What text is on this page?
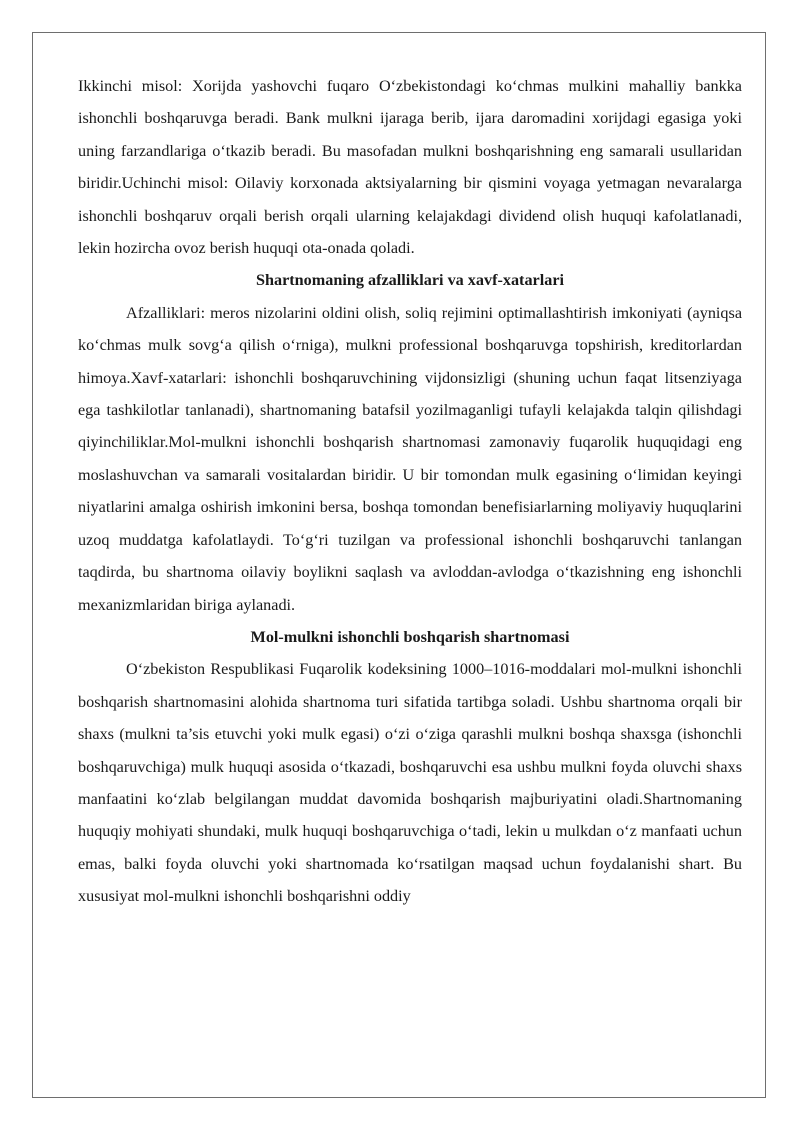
Ikkinchi misol: Xorijda yashovchi fuqaro O‘zbekistondagi ko‘chmas mulkini mahalliy bankka ishonchli boshqaruvga beradi. Bank mulkni ijaraga berib, ijara daromadini xorijdagi egasiga yoki uning farzandlariga o‘tkazib beradi. Bu masofadan mulkni boshqarishning eng samarali usullaridan biridir.Uchinchi misol: Oilaviy korxonada aktsiyalarning bir qismini voyaga yetmagan nevaralarga ishonchli boshqaruv orqali berish orqali ularning kelajakdagi dividend olish huquqi kafolatlanadi, lekin hozircha ovoz berish huquqi ota-onada qoladi.

Shartnomaning afzalliklari va xavf-xatarlari

Afzalliklari: meros nizolarini oldini olish, soliq rejimini optimallashtirish imkoniyati (ayniqsa ko‘chmas mulk sovg‘a qilish o‘rniga), mulkni professional boshqaruvga topshirish, kreditorlardan himoya.Xavf-xatarlari: ishonchli boshqaruvchining vijdonsizligi (shuning uchun faqat litsenziyaga ega tashkilotlar tanlanadi), shartnomaning batafsil yozilmaganligi tufayli kelajakda talqin qilishdagi qiyinchiliklar.Mol-mulkni ishonchli boshqarish shartnomasi zamonaviy fuqarolik huquqidagi eng moslashuvchan va samarali vositalardan biridir. U bir tomondan mulk egasining o‘limidan keyingi niyatlarini amalga oshirish imkonini bersa, boshqa tomondan benefisiarlarning moliyaviy huquqlarini uzoq muddatga kafolatlaydi. To‘g‘ri tuzilgan va professional ishonchli boshqaruvchi tanlangan taqdirda, bu shartnoma oilaviy boylikni saqlash va avloddan-avlodga o‘tkazishning eng ishonchli mexanizmlaridan biriga aylanadi.

Mol-mulkni ishonchli boshqarish shartnomasi

O‘zbekiston Respublikasi Fuqarolik kodeksining 1000–1016-moddalari mol-mulkni ishonchli boshqarish shartnomasini alohida shartnoma turi sifatida tartibga soladi. Ushbu shartnoma orqali bir shaxs (mulkni ta’sis etuvchi yoki mulk egasi) o‘zi o‘ziga qarashli mulkni boshqa shaxsga (ishonchli boshqaruvchiga) mulk huquqi asosida o‘tkazadi, boshqaruvchi esa ushbu mulkni foyda oluvchi shaxs manfaatini ko‘zlab belgilangan muddat davomida boshqarish majburiyatini oladi.Shartnomaning huquqiy mohiyati shundaki, mulk huquqi boshqaruvchiga o‘tadi, lekin u mulkdan o‘z manfaati uchun emas, balki foyda oluvchi yoki shartnomada ko‘rsatilgan maqsad uchun foydalanishi shart. Bu xususiyat mol-mulkni ishonchli boshqarishni oddiy
